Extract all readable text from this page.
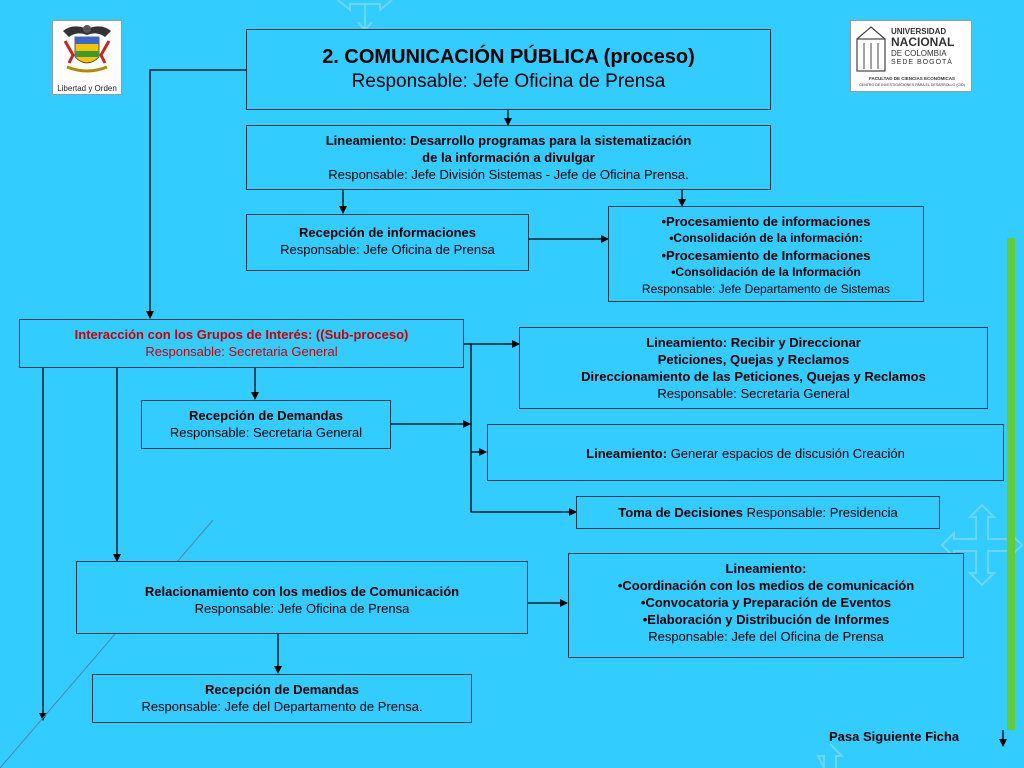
Libertad y Orden
UNIVERSIDAD
NACIONAL
DE COLOMBIA
SEDE BOGOTÁ
FACULTAD DE CIENCIAS ECONÓMICAS
CENTRO DE INVESTIGACIONES PARA EL DESARROLLO (CID)
2. COMUNICACIÓN PÚBLICA (proceso)
Responsable: Jefe Oficina de Prensa
Lineamiento: Desarrollo programas para la sistematización
de la información a divulgar
Responsable: Jefe División Sistemas - Jefe de Oficina Prensa.
Recepción de informaciones
Responsable: Jefe Oficina de Prensa
•Procesamiento de informaciones
•Consolidación de la información:
•Procesamiento de Informaciones
•Consolidación de la Información
Responsable: Jefe Departamento de Sistemas
Interacción con los Grupos de Interés: ((Sub-proceso)
Responsable: Secretaria General
Lineamiento: Recibir y Direccionar
Peticiones, Quejas y Reclamos
Direccionamiento de las Peticiones, Quejas y Reclamos
Responsable: Secretaria General
Recepción de Demandas
Responsable: Secretaria General
Lineamiento: Generar espacios de discusión Creación
Toma de Decisiones Responsable: Presidencia
Relacionamiento con los medios de Comunicación
Responsable: Jefe Oficina de Prensa
Lineamiento:
•Coordinación con los medios de comunicación
•Convocatoria y Preparación de Eventos
•Elaboración y Distribución de Informes
Responsable: Jefe del Oficina de Prensa
Recepción de Demandas
Responsable: Jefe del Departamento de Prensa.
Pasa Siguiente Ficha
